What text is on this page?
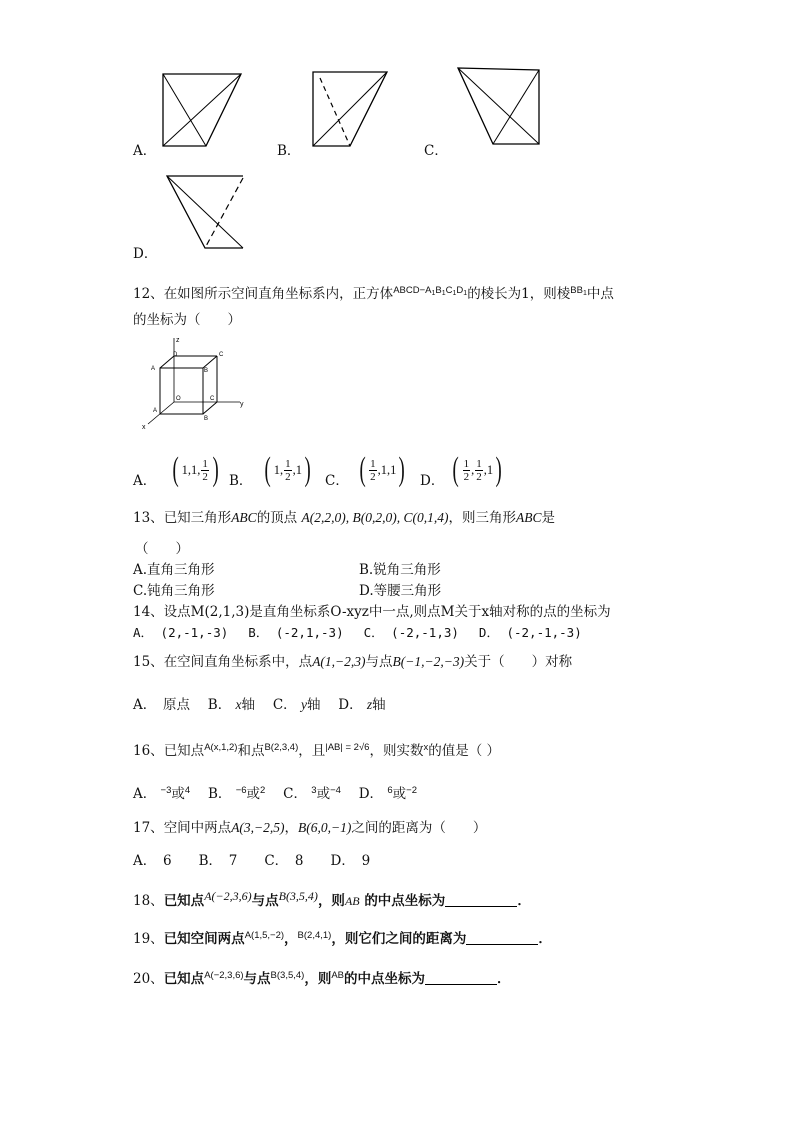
A．	B．	C．
D．
12、在如图所示空间直角坐标系内，正方体$^{ABCD-A_1B_1C_1D_1}$的棱长为1，则棱$^{BB_1}$中点
的坐标为（　　）
z
D	C
A	B
O	C
A
B
x
y
A． ( 1,1, $\frac{1}{2}$ ) B． ( 1, $\frac{1}{2} ,1$ ) C． ( $\frac{1}{2} ,1,1$ ) D． ( $\frac{1}{2}$ , $\frac{1}{2} ,1$ )
13、已知三角形ABC的顶点 A(2,2,0), B(0,2,0), C(0,1,4)，则三角形ABC是
（　　）
A.直角三角形	B.锐角三角形
C.钝角三角形	D.等腰三角形
14、设点M(2,1,3)是直角坐标系O-xyz中一点,则点M关于x轴对称的点的坐标为
A． (2,-1,-3)　 B． (-2,1,-3)　 C． (-2,-1,3)　 D． (-2,-1,-3)
15、在空间直角坐标系中，点A(1,−2,3)与点B(−1,−2,−3)关于（　　）对称
A．　原点　 B． x轴　 C． y轴　 D． z轴
16、已知点$^{A(x,1,2)}$和点$^{B(2,3,4)}$，且$^{|AB| = 2√6}$，则实数$^x$的值是（ ）
A． $^{-3}$或$^4$　 B． $^{-6}$或$^2$　 C． $^3$或$^{-4}$　 D． $^6$或$^{-2}$
17、空间中两点A(3,−2,5)，B(6,0,−1)之间的距离为（　　）
A．　6　　B．　7　　C．　8　　D．　9
18、已知点A(−2,3,6)与点B(3,5,4)，则AB 的中点坐标为	．
19、已知空间两点$^{A(1,5,-2)}$，$^{B(2,4,1)}$，则它们之间的距离为	．
20、已知点$^{A(-2,3,6)}$与点$^{B(3,5,4)}$，则$^{AB}$的中点坐标为	．
